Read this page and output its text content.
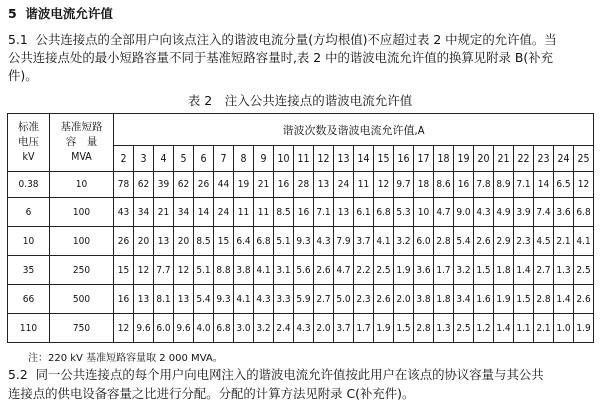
5 谐波电流允许值
5.1 公共连接点的全部用户向该点注入的谐波电流分量(方均根值)不应超过表 2 中规定的允许值。当
公共连接点处的最小短路容量不同于基准短路容量时,表 2 中的谐波电流允许值的换算见附录 B(补充
件)。
表 2　注入公共连接点的谐波电流允许值
标准
电压
kV	基准短路
容　量
MVA	谐波次数及谐波电流允许值,A																							
		2	3	4	5	6	7	8	9	10	11	12	13	14	15	16	17	18	19	20	21	22	23	24	25
0.38	10	78	62	39	62	26	44	19	21	16	28	13	24	11	12	9.7	18	8.6	16	7.8	8.9	7.1	14	6.5	12
6	100	43	34	21	34	14	24	11	11	8.5	16	7.1	13	6.1	6.8	5.3	10	4.7	9.0	4.3	4.9	3.9	7.4	3.6	6.8
10	100	26	20	13	20	8.5	15	6.4	6.8	5.1	9.3	4.3	7.9	3.7	4.1	3.2	6.0	2.8	5.4	2.6	2.9	2.3	4.5	2.1	4.1
35	250	15	12	7.7	12	5.1	8.8	3.8	4.1	3.1	5.6	2.6	4.7	2.2	2.5	1.9	3.6	1.7	3.2	1.5	1.8	1.4	2.7	1.3	2.5
66	500	16	13	8.1	13	5.4	9.3	4.1	4.3	3.3	5.9	2.7	5.0	2.3	2.6	2.0	3.8	1.8	3.4	1.6	1.9	1.5	2.8	1.4	2.6
110	750	12	9.6	6.0	9.6	4.0	6.8	3.0	3.2	2.4	4.3	2.0	3.7	1.7	1.9	1.5	2.8	1.3	2.5	1.2	1.4	1.1	2.1	1.0	1.9
注：220 kV 基准短路容量取 2 000 MVA。
5.2 同一公共连接点的每个用户向电网注入的谐波电流允许值按此用户在该点的协议容量与其公共
连接点的供电设备容量之比进行分配。分配的计算方法见附录 C(补充件)。
